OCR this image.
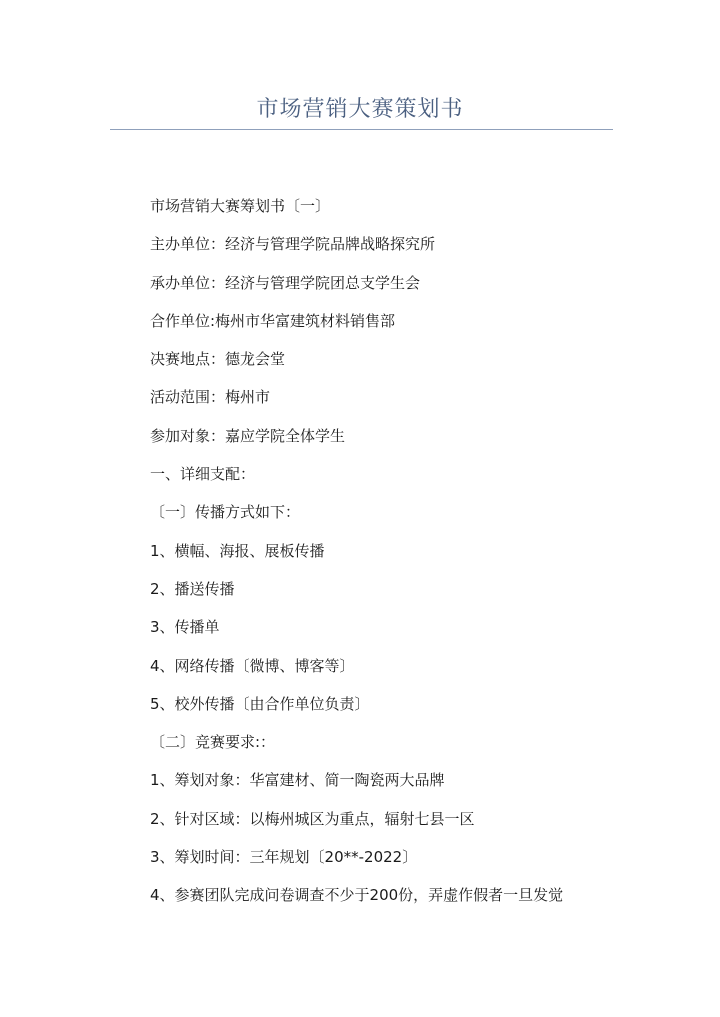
市场营销大赛策划书
市场营销大赛筹划书〔一〕
主办单位：经济与管理学院品牌战略探究所
承办单位：经济与管理学院团总支学生会
合作单位:梅州市华富建筑材料销售部
决赛地点：德龙会堂
活动范围：梅州市
参加对象：嘉应学院全体学生
一、详细支配：
〔一〕传播方式如下：
1、横幅、海报、展板传播
2、播送传播
3、传播单
4、网络传播〔微博、博客等〕
5、校外传播〔由合作单位负责〕
〔二〕竞赛要求:：
1、筹划对象：华富建材、简一陶瓷两大品牌
2、针对区域：以梅州城区为重点，辐射七县一区
3、筹划时间：三年规划〔20**-2022〕
4、参赛团队完成问卷调查不少于200份，弄虚作假者一旦发觉
